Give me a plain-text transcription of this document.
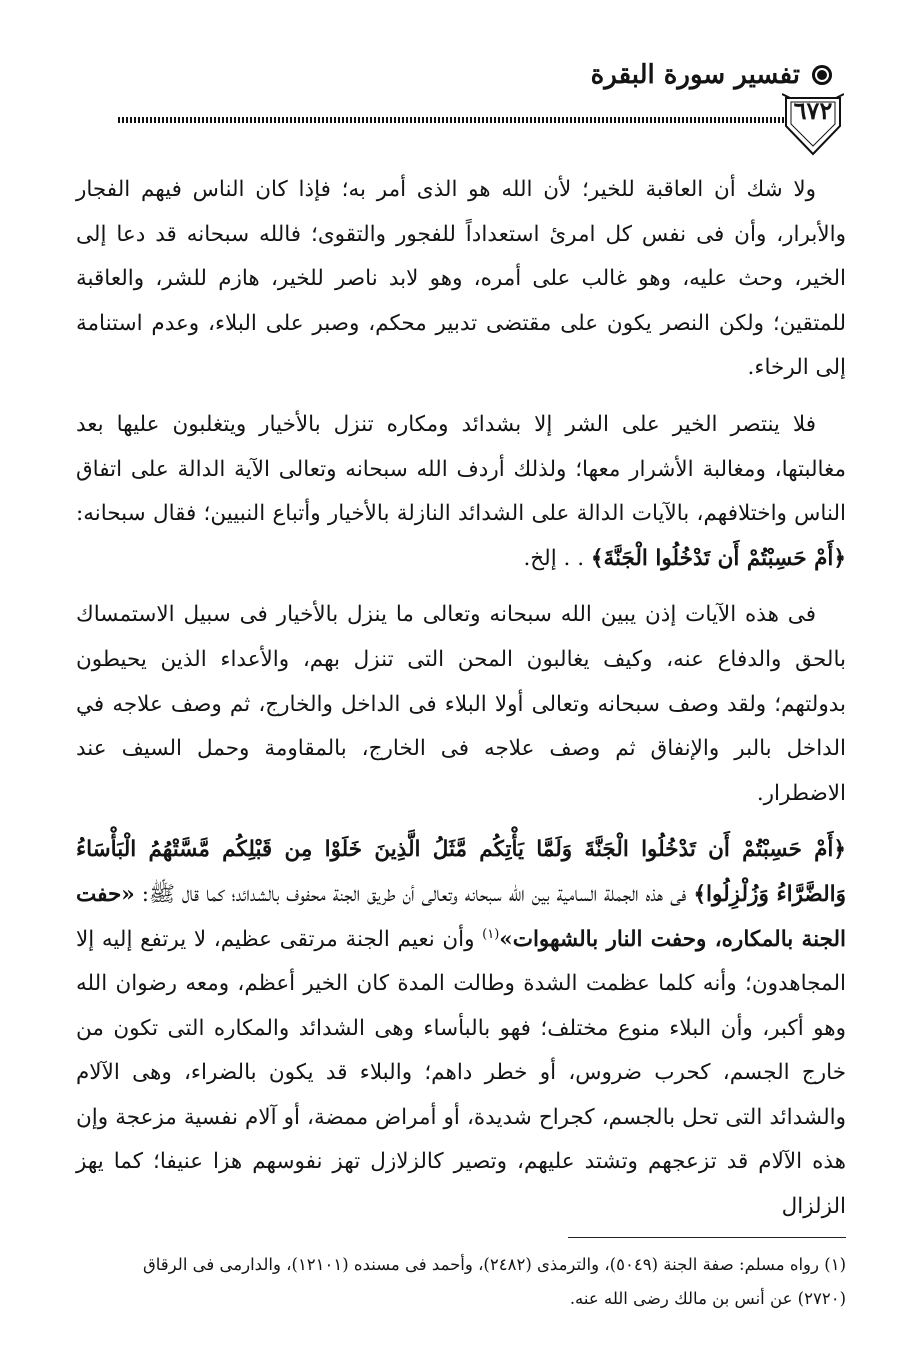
تفسير سورة البقرة
٦٧٢

ولا شك أن العاقبة للخير؛ لأن الله هو الذى أمر به؛ فإذا كان الناس فيهم الفجار والأبرار، وأن فى نفس كل امرئ استعداداً للفجور والتقوى؛ فالله سبحانه قد دعا إلى الخير، وحث عليه، وهو غالب على أمره، وهو لابد ناصر للخير، هازم للشر، والعاقبة للمتقين؛ ولكن النصر يكون على مقتضى تدبير محكم، وصبر على البلاء، وعدم استنامة إلى الرخاء.

فلا ينتصر الخير على الشر إلا بشدائد ومكاره تنزل بالأخيار ويتغلبون عليها بعد مغالبتها، ومغالبة الأشرار معها؛ ولذلك أردف الله سبحانه وتعالى الآية الدالة على اتفاق الناس واختلافهم، بالآيات الدالة على الشدائد النازلة بالأخيار وأتباع النبيين؛ فقال سبحانه: ﴿أَمْ حَسِبْتُمْ أَن تَدْخُلُوا الْجَنَّةَ﴾ . . إلخ.

فى هذه الآيات إذن يبين الله سبحانه وتعالى ما ينزل بالأخيار فى سبيل الاستمساك بالحق والدفاع عنه، وكيف يغالبون المحن التى تنزل بهم، والأعداء الذين يحيطون بدولتهم؛ ولقد وصف سبحانه وتعالى أولا البلاء فى الداخل والخارج، ثم وصف علاجه في الداخل بالبر والإنفاق ثم وصف علاجه فى الخارج، بالمقاومة وحمل السيف عند الاضطرار.

﴿أَمْ حَسِبْتُمْ أَن تَدْخُلُوا الْجَنَّةَ وَلَمَّا يَأْتِكُم مَّثَلُ الَّذِينَ خَلَوْا مِن قَبْلِكُم مَّسَّتْهُمُ الْبَأْسَاءُ وَالضَّرَّاءُ وَزُلْزِلُوا﴾ فى هذه الجملة السامية بين الله سبحانه وتعالى أن طريق الجنة محفوف بالشدائد؛ كما قال ﷺ: «حفت الجنة بالمكاره، وحفت النار بالشهوات»$^{(١)}$ وأن نعيم الجنة مرتقى عظيم، لا يرتفع إليه إلا المجاهدون؛ وأنه كلما عظمت الشدة وطالت المدة كان الخير أعظم، ومعه رضوان الله وهو أكبر، وأن البلاء منوع مختلف؛ فهو بالبأساء وهى الشدائد والمكاره التى تكون من خارج الجسم، كحرب ضروس، أو خطر داهم؛ والبلاء قد يكون بالضراء، وهى الآلام والشدائد التى تحل بالجسم، كجراح شديدة، أو أمراض ممضة، أو آلام نفسية مزعجة وإن هذه الآلام قد تزعجهم وتشتد عليهم، وتصير كالزلازل تهز نفوسهم هزا عنيفا؛ كما يهز الزلزال

(١) رواه مسلم: صفة الجنة (٥٠٤٩)، والترمذى (٢٤٨٢)، وأحمد فى مسنده (١٢١٠١)، والدارمى فى الرقاق

(٢٧٢٠) عن أنس بن مالك رضى الله عنه.
